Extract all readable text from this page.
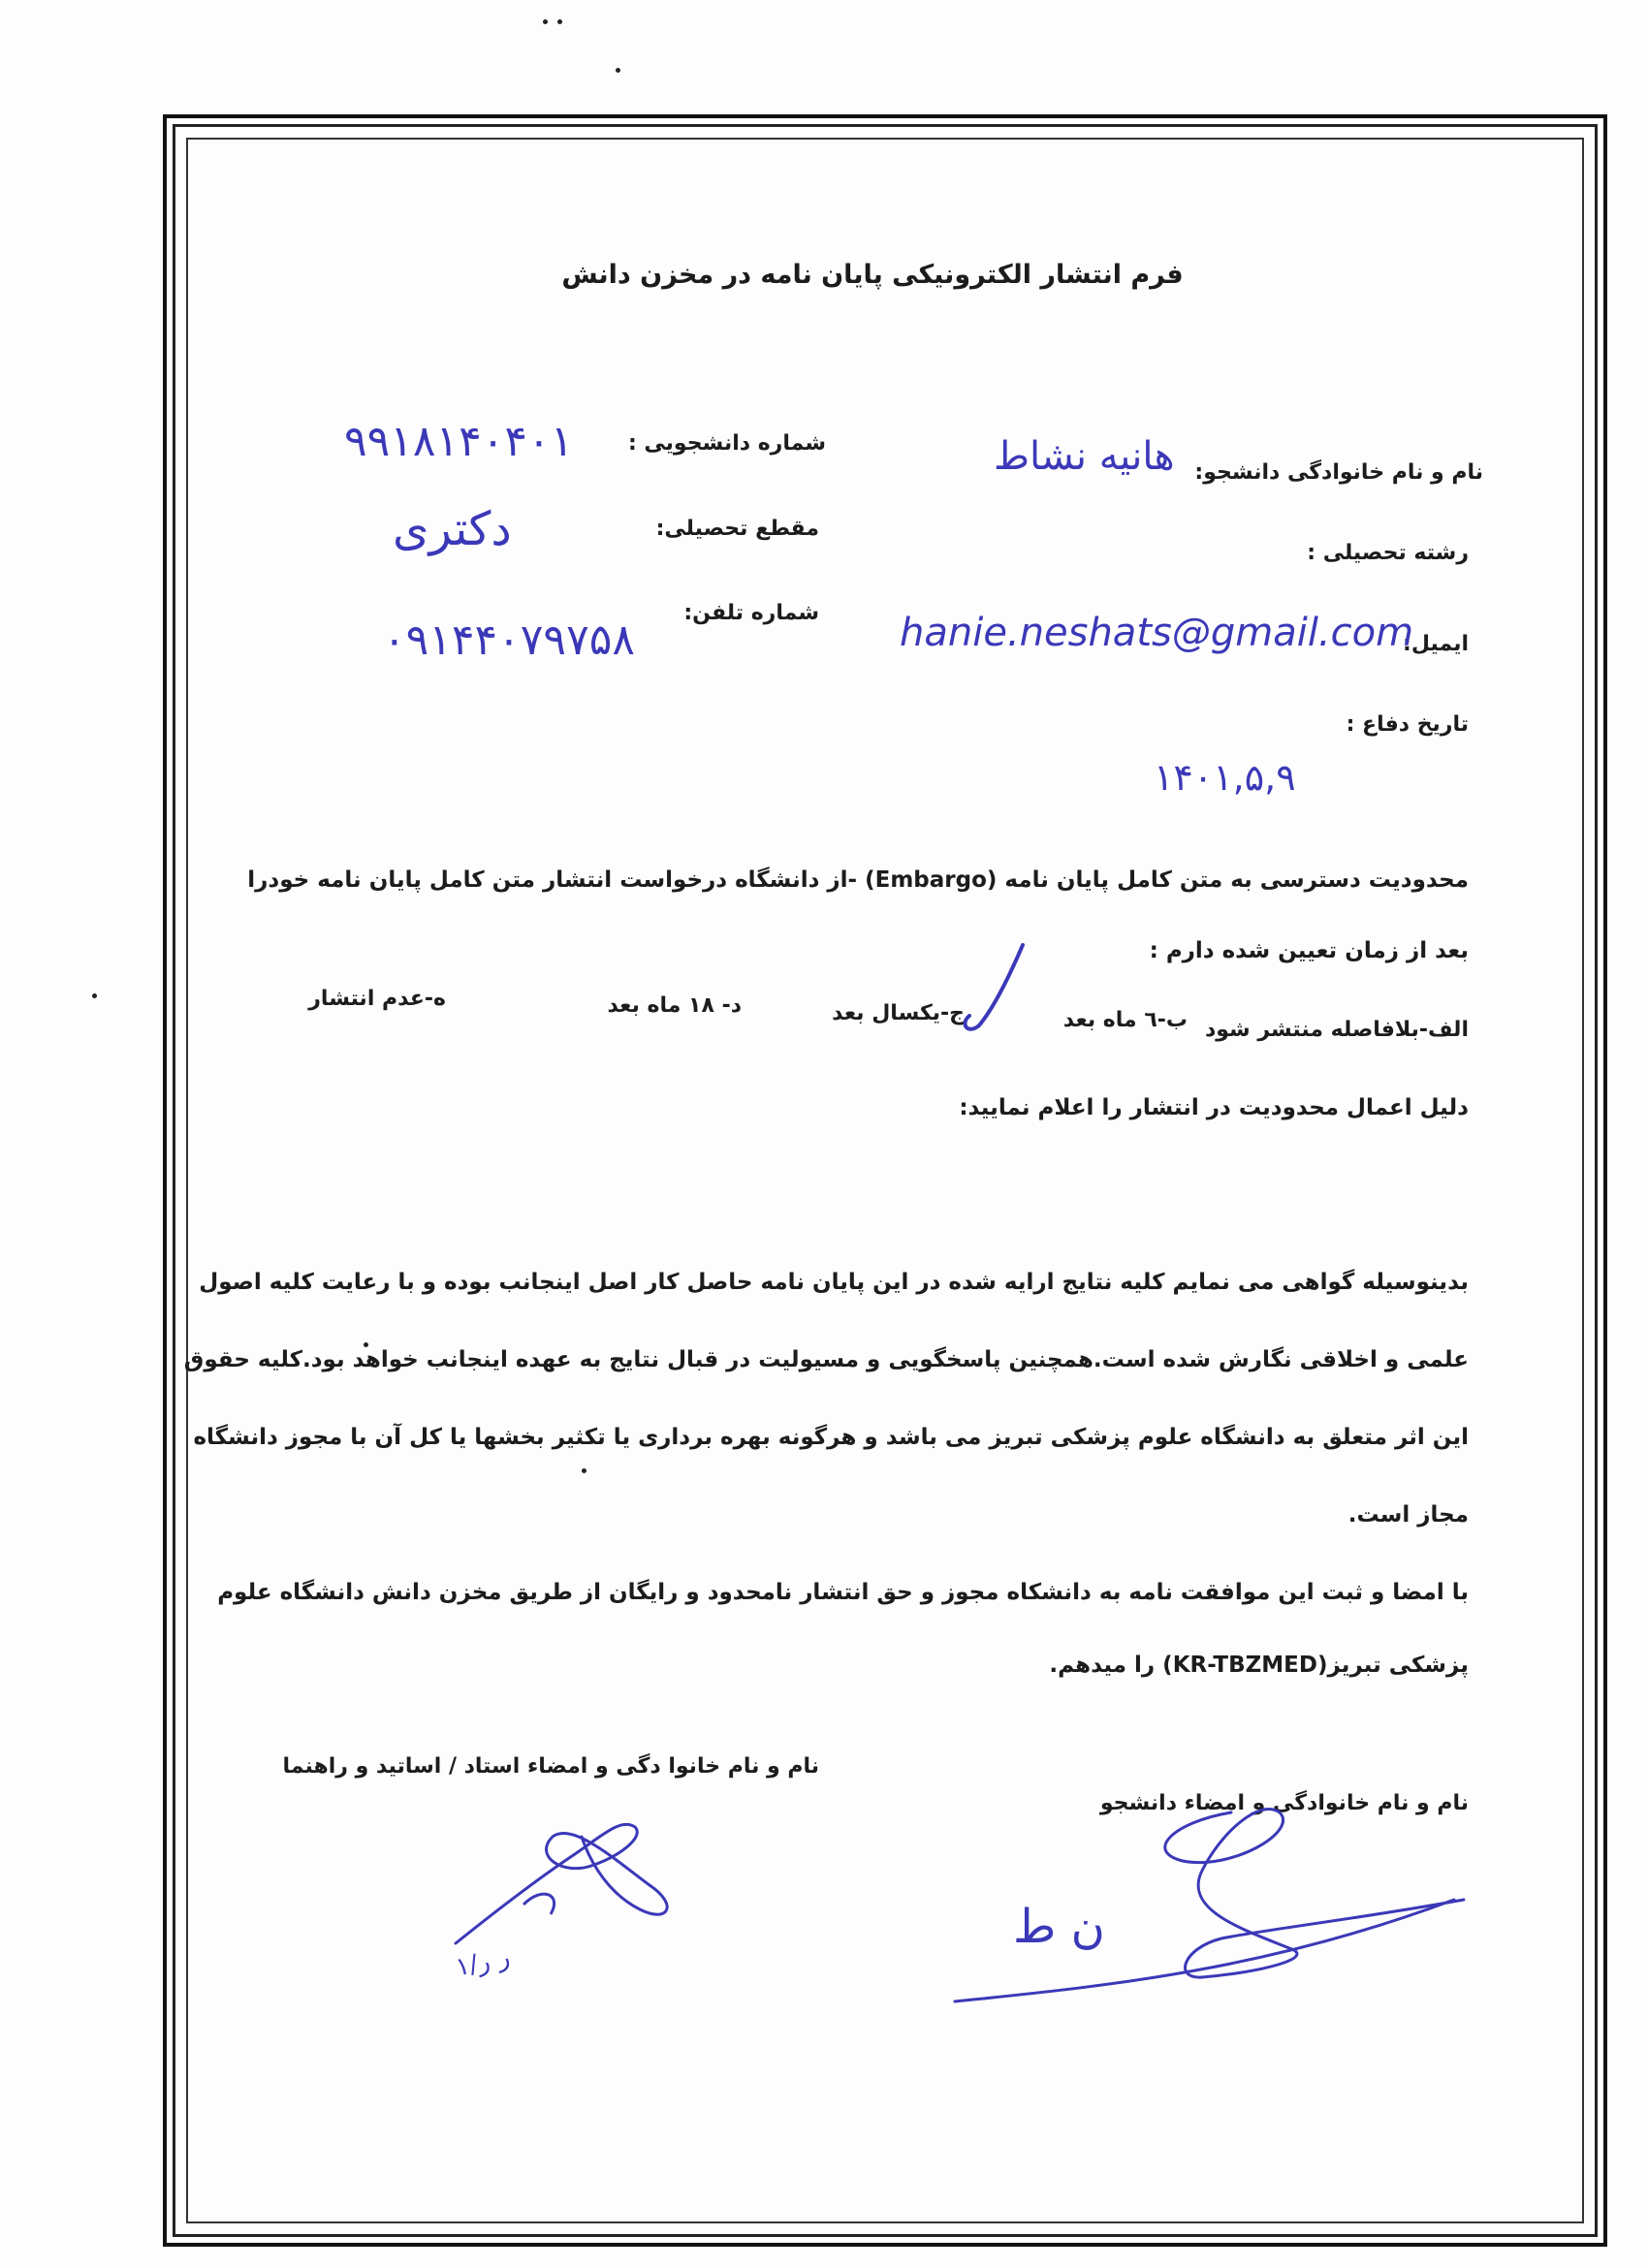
فرم انتشار الکترونیکی پایان نامه در مخزن دانش
نام و نام خانوادگی دانشجو:
هانیه نشاط
شماره دانشجویی :
۹۹۱۸۱۴۰۴۰۱
رشته تحصیلی :
مقطع تحصیلی:
دکتری
ایمیل:
hanie.neshats@gmail.com
شماره تلفن:
۰۹۱۴۴۰۷۹۷۵۸
تاریخ دفاع :
۱۴۰۱,۵,۹
محدودیت دسترسی به متن کامل پایان نامه (Embargo) -از دانشگاه درخواست انتشار متن کامل پایان نامه خودرا
بعد از زمان تعیین شده دارم :
الف-بلافاصله منتشر شود
ب-٦ ماه بعد
ج-یکسال بعد
د- ١٨ ماه بعد
ه-عدم انتشار
دلیل اعمال محدودیت در انتشار را اعلام نمایید:
بدینوسیله گواهی می نمایم کلیه نتایج ارایه شده در این پایان نامه حاصل کار اصل اینجانب بوده و با رعایت کلیه اصول
علمی و اخلاقی نگارش شده است.همچنین پاسخگویی و مسیولیت در قبال نتایج به عهده اینجانب خواهد بود.کلیه حقوق
این اثر متعلق به دانشگاه علوم پزشکی تبریز می باشد و هرگونه بهره برداری یا تکثیر بخشها یا کل آن با مجوز دانشگاه
مجاز است.
با امضا و ثبت این موافقت نامه به دانشکاه مجوز و حق انتشار نامحدود و رایگان از طریق مخزن دانش دانشگاه علوم
پزشکی تبریز(KR-TBZMED) را میدهم.
نام و نام خانوا دگی و امضاء استاد / اساتید و راهنما
نام و نام خانوادگی و امضاء دانشجو
۱/ر ر
ن ط
